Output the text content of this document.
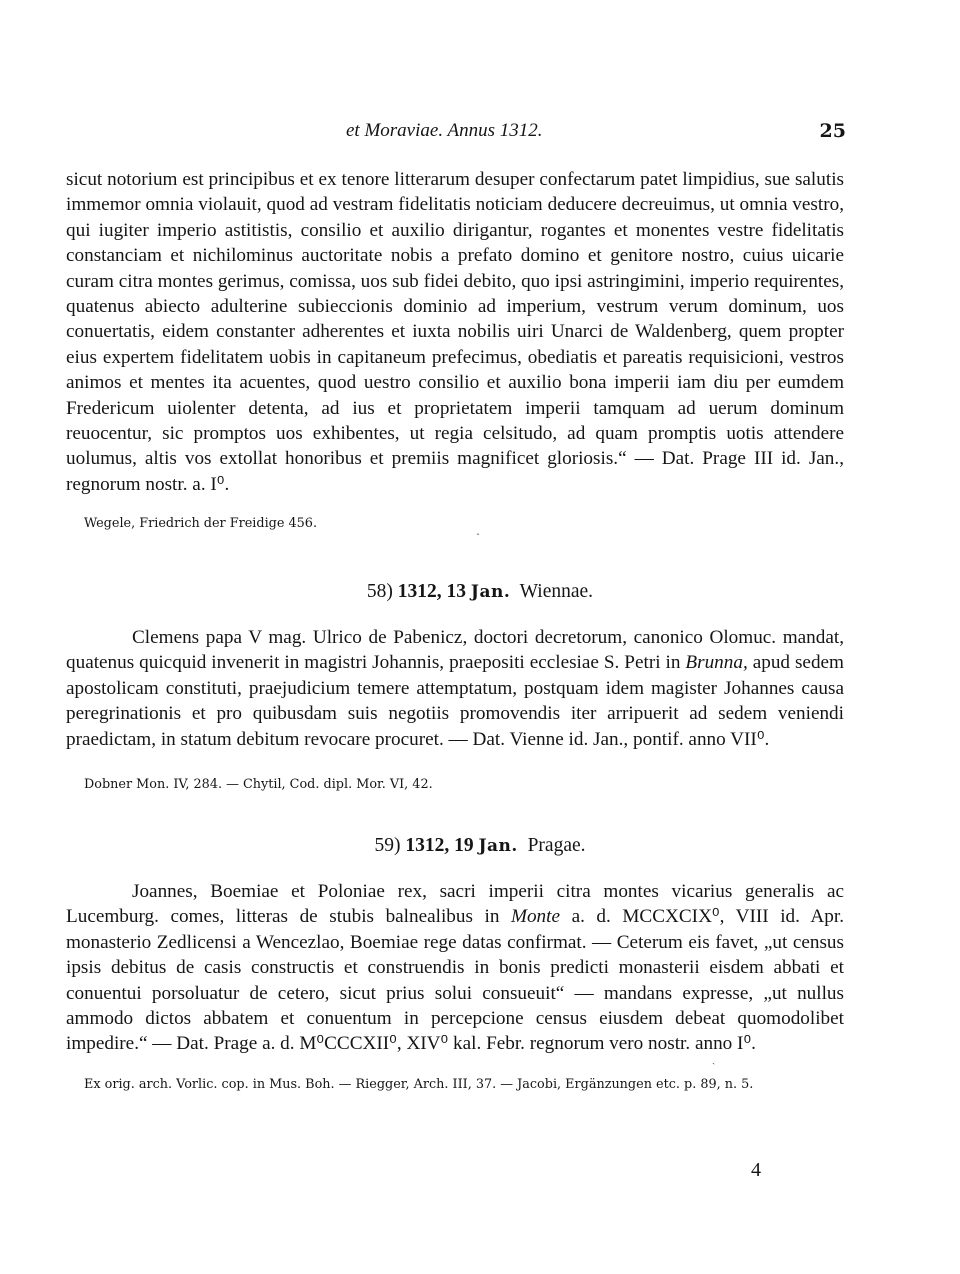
et Moraviae. Annus 1312.	25

sicut notorium est principibus et ex tenore litterarum desuper confectarum patet limpidius, sue salutis immemor omnia violauit, quod ad vestram fidelitatis noticiam deducere decreuimus, ut omnia vestro, qui iugiter imperio astitistis, consilio et auxilio dirigantur, rogantes et monentes vestre fidelitatis constanciam et nichilominus auctoritate nobis a prefato domino et genitore nostro, cuius uicarie curam citra montes gerimus, comissa, uos sub fidei debito, quo ipsi astringimini, imperio requirentes, quatenus abiecto adulterine subieccionis dominio ad imperium, vestrum verum dominum, uos conuertatis, eidem constanter adherentes et iuxta nobilis uiri Unarci de Waldenberg, quem propter eius expertem fidelitatem uobis in capitaneum prefecimus, obediatis et pareatis requisicioni, vestros animos et mentes ita acuentes, quod uestro consilio et auxilio bona imperii iam diu per eumdem Fredericum uiolenter detenta, ad ius et proprietatem imperii tamquam ad uerum dominum reuocentur, sic promptos uos exhibentes, ut regia celsitudo, ad quam promptis uotis attendere uolumus, altis vos extollat honoribus et premiis magnificet gloriosis.“ — Dat. Prage III id. Jan., regnorum nostr. a. I⁰.

Wegele, Friedrich der Freidige 456.

58) 1312, 13 Jan. Wiennae.

Clemens papa V mag. Ulrico de Pabenicz, doctori decretorum, canonico Olomuc. mandat, quatenus quicquid invenerit in magistri Johannis, praepositi ecclesiae S. Petri in Brunna, apud sedem apostolicam constituti, praejudicium temere attemptatum, postquam idem magister Johannes causa peregrinationis et pro quibusdam suis negotiis promovendis iter arripuerit ad sedem veniendi praedictam, in statum debitum revocare procuret. — Dat. Vienne id. Jan., pontif. anno VII⁰.

Dobner Mon. IV, 284. — Chytil, Cod. dipl. Mor. VI, 42.

59) 1312, 19 Jan. Pragae.

Joannes, Boemiae et Poloniae rex, sacri imperii citra montes vicarius generalis ac Lucemburg. comes, litteras de stubis balnealibus in Monte a. d. MCCXCIX⁰, VIII id. Apr. monasterio Zedlicensi a Wencezlao, Boemiae rege datas confirmat. — Ceterum eis favet, „ut census ipsis debitus de casis constructis et construendis in bonis predicti monasterii eisdem abbati et conuentui porsoluatur de cetero, sicut prius solui consueuit“ — mandans expresse, „ut nullus ammodo dictos abbatem et conuentum in percepcione census eiusdem debeat quomodolibet impedire.“ — Dat. Prage a. d. M⁰CCCXII⁰, XIV⁰ kal. Febr. regnorum vero nostr. anno I⁰.

Ex orig. arch. Vorlic. cop. in Mus. Boh. — Riegger, Arch. III, 37. — Jacobi, Ergänzungen etc. p. 89, n. 5.

4
˰
ˏ
